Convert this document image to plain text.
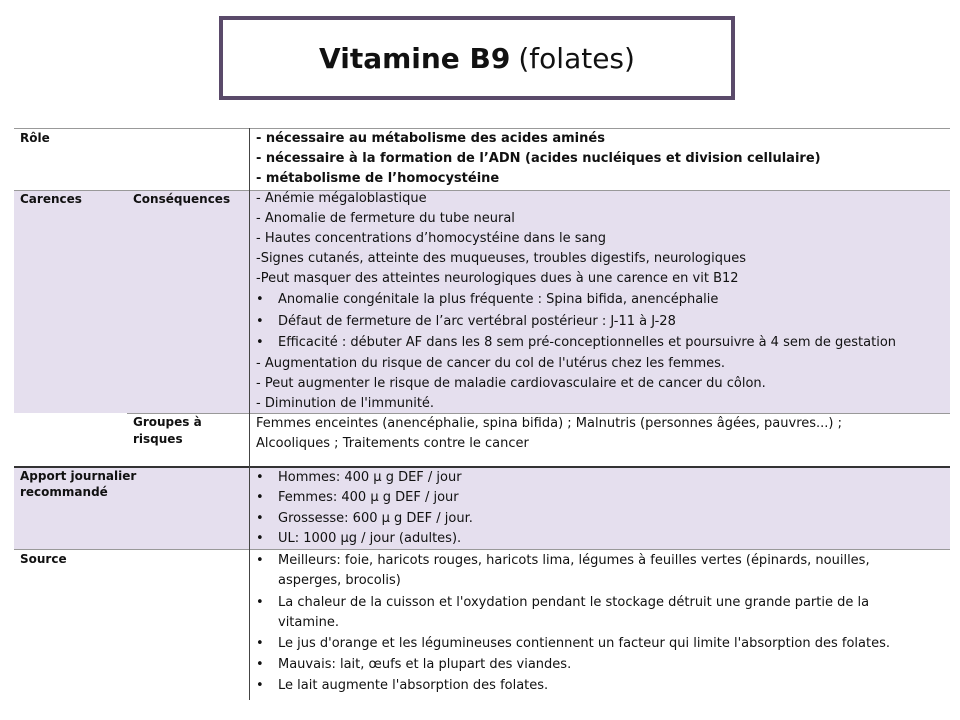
Vitamine B9 (folates)
Rôle
Carences	Conséquences
Groupes à
risques
Apport journalier
recommandé
Source
- nécessaire au métabolisme des acides aminés
- nécessaire à la formation de l’ADN (acides nucléiques et division cellulaire)
- métabolisme de l’homocystéine
- Anémie mégaloblastique
- Anomalie de fermeture du tube neural
- Hautes concentrations d’homocystéine dans le sang
-Signes cutanés, atteinte des muqueuses, troubles digestifs, neurologiques
-Peut masquer des atteintes neurologiques dues à une carence en vit B12
• Anomalie congénitale la plus fréquente : Spina bifida, anencéphalie
• Défaut de fermeture de l’arc vertébral postérieur : J-11 à J-28
• Efficacité : débuter AF dans les 8 sem pré-conceptionnelles et poursuivre à 4 sem de gestation
- Augmentation du risque de cancer du col de l'utérus chez les femmes.
- Peut augmenter le risque de maladie cardiovasculaire et de cancer du côlon.
- Diminution de l'immunité.
Femmes enceintes (anencéphalie, spina bifida) ; Malnutris (personnes âgées, pauvres...) ;
Alcooliques ; Traitements contre le cancer
• Hommes: 400 µ g DEF / jour
• Femmes: 400 µ g DEF / jour
• Grossesse: 600 µ g DEF / jour.
• UL: 1000 µg / jour (adultes).
• Meilleurs: foie, haricots rouges, haricots lima, légumes à feuilles vertes (épinards, nouilles,
asperges, brocolis)
• La chaleur de la cuisson et l'oxydation pendant le stockage détruit une grande partie de la
vitamine.
• Le jus d'orange et les légumineuses contiennent un facteur qui limite l'absorption des folates.
• Mauvais: lait, œufs et la plupart des viandes.
• Le lait augmente l'absorption des folates.
